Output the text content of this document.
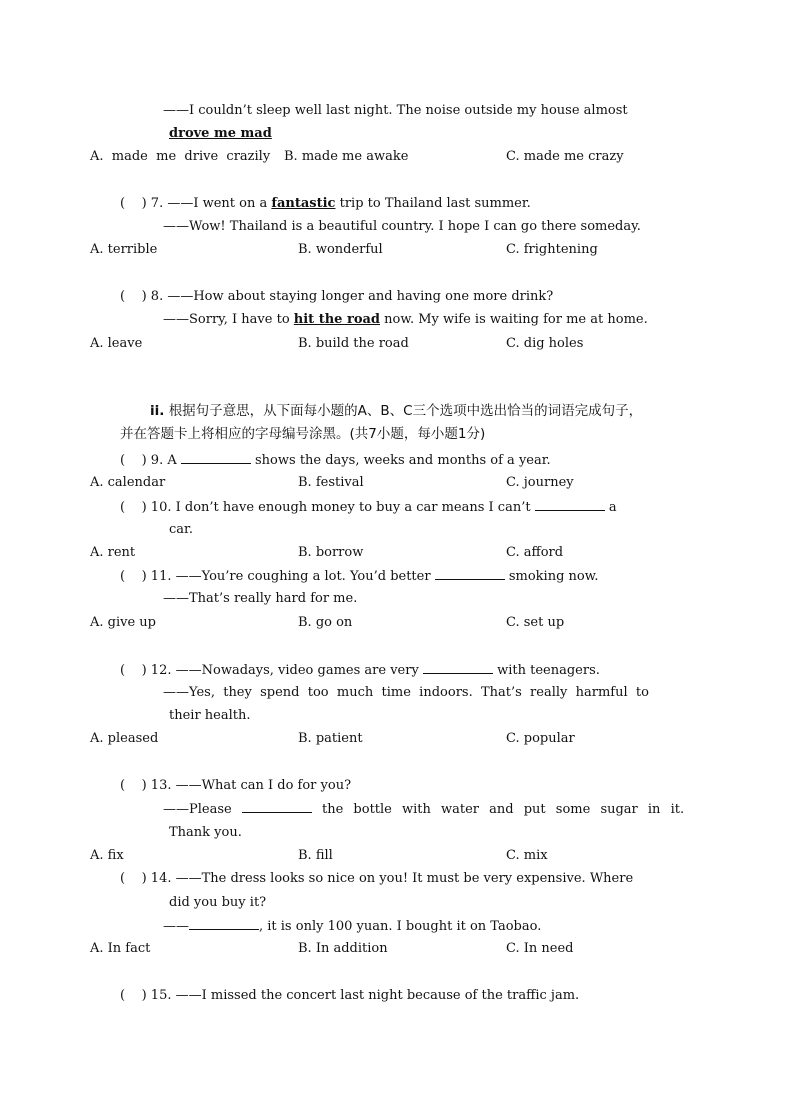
——I couldn’t sleep well last night. The noise outside my house almost
drove me mad
A.  made  me  drive  crazily B. made me awake	C. made me crazy
(    ) 7. ——I went on a fantastic trip to Thailand last summer.
——Wow! Thailand is a beautiful country. I hope I can go there someday.
A. terrible	B. wonderful	C. frightening
(    ) 8. ——How about staying longer and having one more drink?
——Sorry, I have to hit the road now. My wife is waiting for me at home.
A. leave	B. build the road	C. dig holes
ii. 根据句子意思，从下面每小题的A、B、C三个选项中选出恰当的词语完成句子，
并在答题卡上将相应的字母编号涂黑。(共7小题，每小题1分)
(    ) 9. A	shows the days, weeks and months of a year.
A. calendar	B. festival	C. journey
(    ) 10. I don’t have enough money to buy a car means I can’t	a
car.
A. rent	B. borrow	C. afford
(    ) 11. ——You’re coughing a lot. You’d better	smoking now.
——That’s really hard for me.
A. give up	B. go on	C. set up
(    ) 12. ——Nowadays, video games are very	with teenagers.
——Yes,  they  spend  too  much  time  indoors.  That’s  really  harmful  to
their health.
A. pleased	B. patient	C. popular
(    ) 13. ——What can I do for you?
——Please	the bottle with water and put some sugar in it.
Thank you.
A. fix	B. fill	C. mix
(    ) 14. ——The dress looks so nice on you! It must be very expensive. Where
did you buy it?
——	, it is only 100 yuan. I bought it on Taobao.
A. In fact	B. In addition	C. In need
(    ) 15. ——I missed the concert last night because of the traffic jam.
